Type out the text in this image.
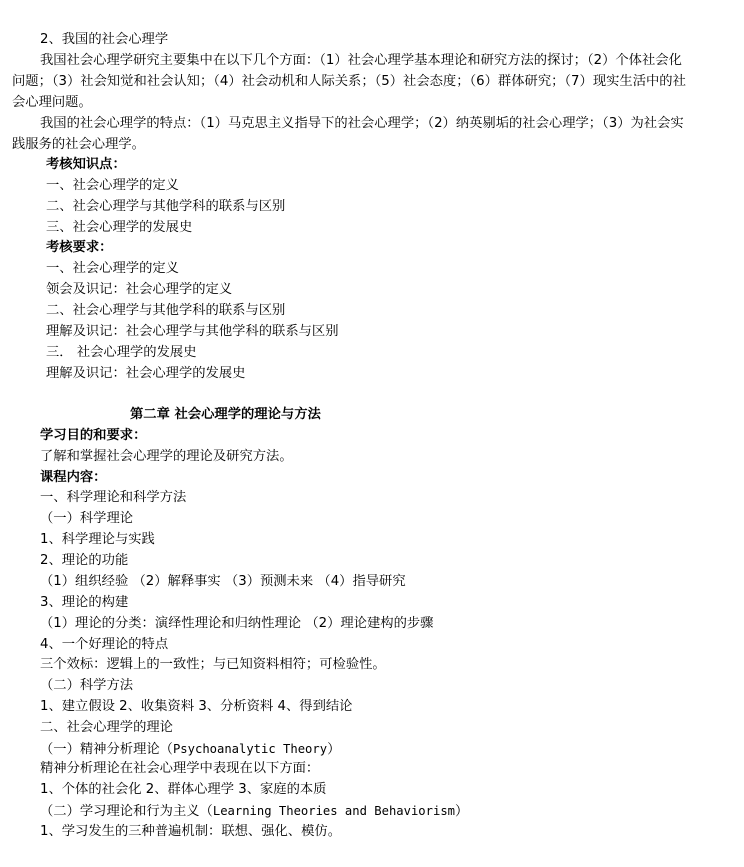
2、我国的社会心理学
我国社会心理学研究主要集中在以下几个方面：（1）社会心理学基本理论和研究方法的探讨；（2）个体社会化
问题；（3）社会知觉和社会认知；（4）社会动机和人际关系；（5）社会态度；（6）群体研究；（7）现实生活中的社
会心理问题。
我国的社会心理学的特点：（1）马克思主义指导下的社会心理学；（2）纳英剔垢的社会心理学；（3）为社会实
践服务的社会心理学。
考核知识点：
一、社会心理学的定义
二、社会心理学与其他学科的联系与区别
三、社会心理学的发展史
考核要求：
一、社会心理学的定义
领会及识记：社会心理学的定义
二、社会心理学与其他学科的联系与区别
理解及识记：社会心理学与其他学科的联系与区别
三． 社会心理学的发展史
理解及识记：社会心理学的发展史
第二章 社会心理学的理论与方法
学习目的和要求：
了解和掌握社会心理学的理论及研究方法。
课程内容：
一、科学理论和科学方法
（一）科学理论
1、科学理论与实践
2、理论的功能
（1）组织经验 （2）解释事实 （3）预测未来 （4）指导研究
3、理论的构建
（1）理论的分类：演绎性理论和归纳性理论 （2）理论建构的步骤
4、一个好理论的特点
三个效标：逻辑上的一致性；与已知资料相符；可检验性。
（二）科学方法
1、建立假设 2、收集资料 3、分析资料 4、得到结论
二、社会心理学的理论
（一）精神分析理论（Psychoanalytic Theory）
精神分析理论在社会心理学中表现在以下方面：
1、个体的社会化 2、群体心理学 3、家庭的本质
（二）学习理论和行为主义（Learning Theories and Behaviorism）
1、学习发生的三种普遍机制：联想、强化、模仿。
